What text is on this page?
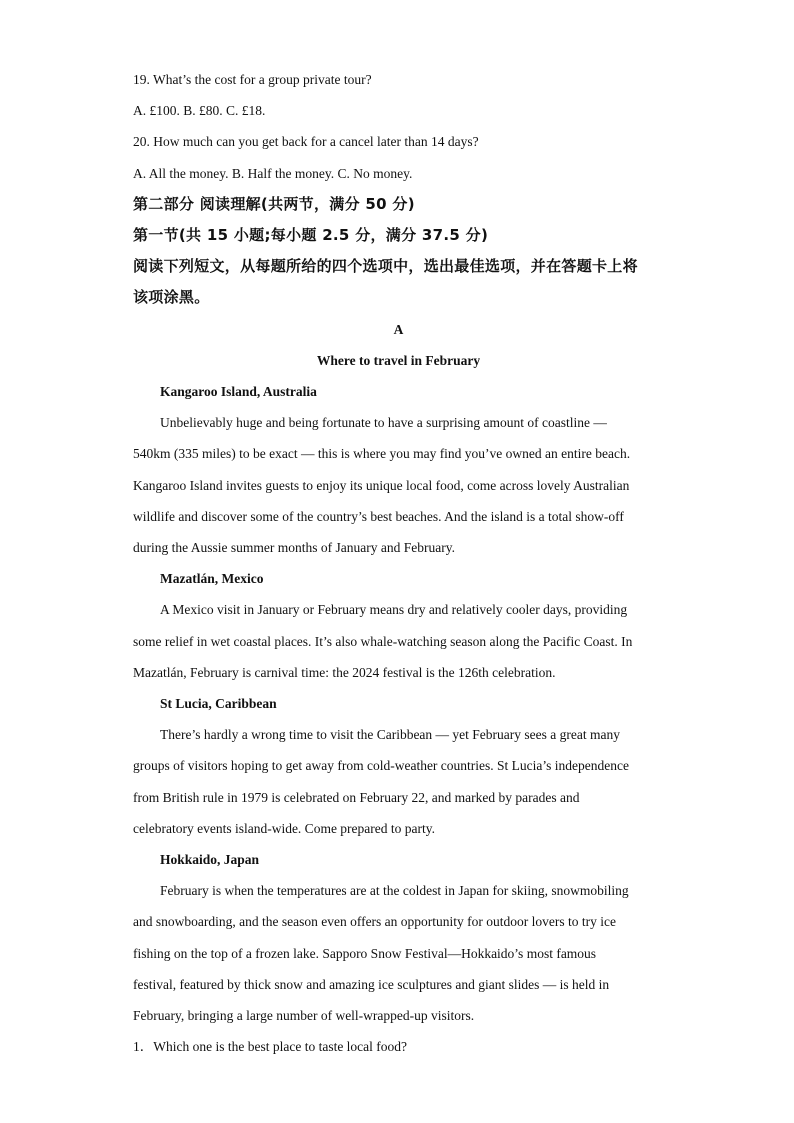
19. What’s the cost for a group private tour?
A. £100. B. £80. C. £18.
20. How much can you get back for a cancel later than 14 days?
A. All the money. B. Half the money. C. No money.
第二部分 阅读理解(共两节，满分 50 分)
第一节(共 15 小题;每小题 2.5 分，满分 37.5 分)
阅读下列短文，从每题所给的四个选项中，选出最佳选项，并在答题卡上将
该项涂黑。
A
Where to travel in February
Kangaroo Island, Australia
Unbelievably huge and being fortunate to have a surprising amount of coastline —
540km (335 miles) to be exact — this is where you may find you’ve owned an entire beach.
Kangaroo Island invites guests to enjoy its unique local food, come across lovely Australian
wildlife and discover some of the country’s best beaches. And the island is a total show-off
during the Aussie summer months of January and February.
Mazatlán, Mexico
A Mexico visit in January or February means dry and relatively cooler days, providing
some relief in wet coastal places. It’s also whale-watching season along the Pacific Coast. In
Mazatlán, February is carnival time: the 2024 festival is the 126th celebration.
St Lucia, Caribbean
There’s hardly a wrong time to visit the Caribbean — yet February sees a great many
groups of visitors hoping to get away from cold-weather countries. St Lucia’s independence
from British rule in 1979 is celebrated on February 22, and marked by parades and
celebratory events island-wide. Come prepared to party.
Hokkaido, Japan
February is when the temperatures are at the coldest in Japan for skiing, snowmobiling
and snowboarding, and the season even offers an opportunity for outdoor lovers to try ice
fishing on the top of a frozen lake. Sapporo Snow Festival—Hokkaido’s most famous
festival, featured by thick snow and amazing ice sculptures and giant slides — is held in
February, bringing a large number of well-wrapped-up visitors.
1．Which one is the best place to taste local food?
